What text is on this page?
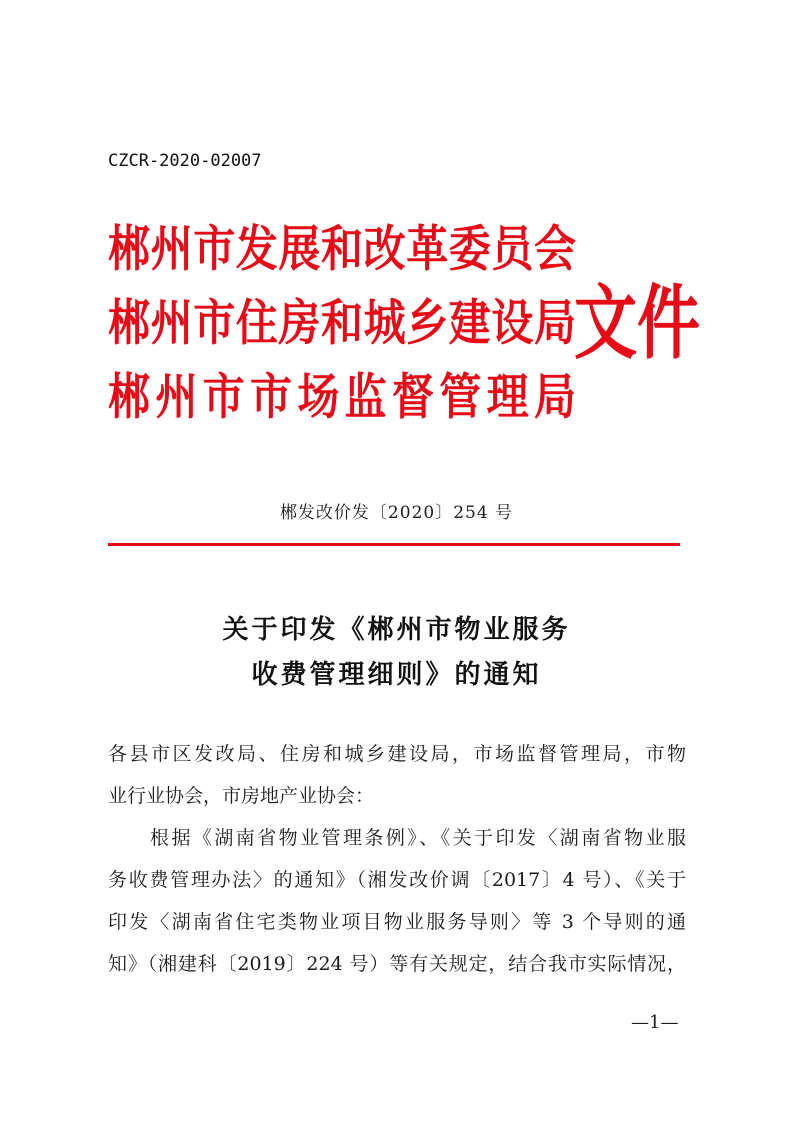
CZCR-2020-02007
郴州市发展和改革委员会
郴州市住房和城乡建设局
郴州市市场监督管理局
文件
郴发改价发〔2020〕254 号
关于印发《郴州市物业服务
收费管理细则》的通知
各县市区发改局、住房和城乡建设局，市场监督管理局，市物
业行业协会，市房地产业协会：
根据《湖南省物业管理条例》、《关于印发〈湖南省物业服
务收费管理办法〉的通知》（湘发改价调〔2017〕4 号）、《关于
印发〈湖南省住宅类物业项目物业服务导则〉等 3 个导则的通
知》（湘建科〔2019〕224 号）等有关规定，结合我市实际情况，
—1—
